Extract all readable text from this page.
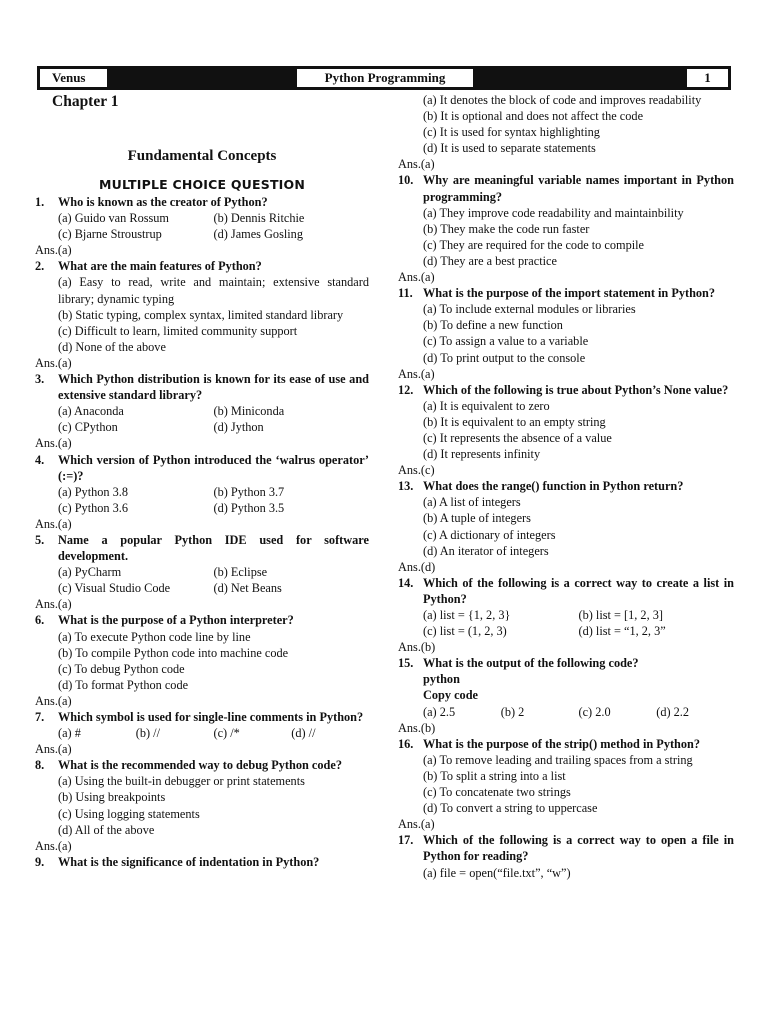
Venus	Python Programming	1
Chapter 1
Fundamental Concepts
MULTIPLE CHOICE QUESTION
1.	Who is known as the creator of Python?
(a) Guido van Rossum	(b) Dennis Ritchie
(c) Bjarne Stroustrup	(d) James Gosling
Ans.(a)
2.	What are the main features of Python?
(a) Easy to read, write and maintain; extensive standard library; dynamic typing
(b) Static typing, complex syntax, limited standard library
(c) Difficult to learn, limited community support
(d) None of the above
Ans.(a)
3.	Which Python distribution is known for its ease of use and extensive standard library?
(a) Anaconda	(b) Miniconda
(c) CPython	(d) Jython
Ans.(a)
4.	Which version of Python introduced the ‘walrus operator’ (:=)?
(a) Python 3.8	(b) Python 3.7
(c) Python 3.6	(d) Python 3.5
Ans.(a)
5.	Name a popular Python IDE used for software development.
(a) PyCharm	(b) Eclipse
(c) Visual Studio Code	(d) Net Beans
Ans.(a)
6.	What is the purpose of a Python interpreter?
(a) To execute Python code line by line
(b) To compile Python code into machine code
(c) To debug Python code
(d) To format Python code
Ans.(a)
7.	Which symbol is used for single-line comments in Python?
(a) #	(b) //	(c) /*	(d) //
Ans.(a)
8.	What is the recommended way to debug Python code?
(a) Using the built-in debugger or print statements
(b) Using breakpoints
(c) Using logging statements
(d) All of the above
Ans.(a)
9.	What is the significance of indentation in Python?
(a) It denotes the block of code and improves readability
(b) It is optional and does not affect the code
(c) It is used for syntax highlighting
(d) It is used to separate statements
Ans.(a)
10. Why are meaningful variable names important in Python programming?
(a) They improve code readability and maintainbility
(b) They make the code run faster
(c) They are required for the code to compile
(d) They are a best practice
Ans.(a)
11. What is the purpose of the import statement in Python?
(a) To include external modules or libraries
(b) To define a new function
(c) To assign a value to a variable
(d) To print output to the console
Ans.(a)
12. Which of the following is true about Python’s None value?
(a) It is equivalent to zero
(b) It is equivalent to an empty string
(c) It represents the absence of a value
(d) It represents infinity
Ans.(c)
13. What does the range() function in Python return?
(a) A list of integers
(b) A tuple of integers
(c) A dictionary of integers
(d) An iterator of integers
Ans.(d)
14. Which of the following is a correct way to create a list in Python?
(a) list = {1, 2, 3}	(b) list = [1, 2, 3]
(c) list = (1, 2, 3)	(d) list = “1, 2, 3”
Ans.(b)
15. What is the output of the following code?
python
Copy code
(a) 2.5	(b) 2	(c) 2.0	(d) 2.2
Ans.(b)
16. What is the purpose of the strip() method in Python?
(a) To remove leading and trailing spaces from a string
(b) To split a string into a list
(c) To concatenate two strings
(d) To convert a string to uppercase
Ans.(a)
17. Which of the following is a correct way to open a file in Python for reading?
(a) file = open(“file.txt”, “w”)
